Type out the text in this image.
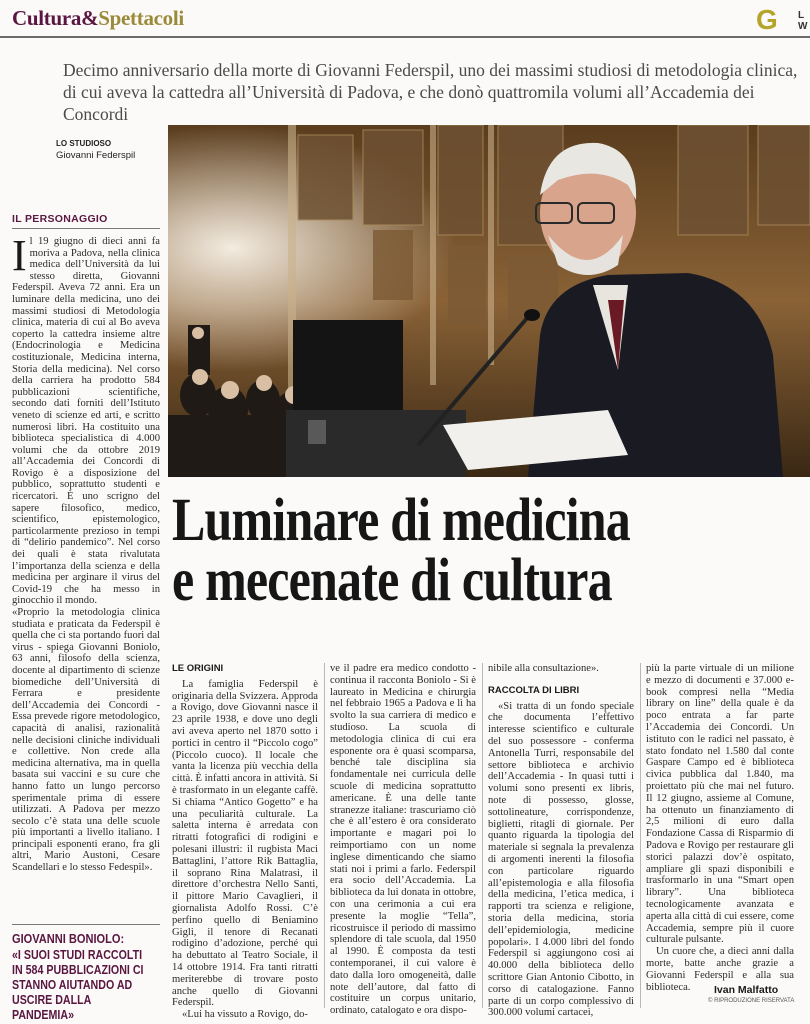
Cultura&Spettacoli	G L
W
Decimo anniversario della morte di Giovanni Federspil, uno dei massimi studiosi di metodologia clinica, di cui aveva la cattedra all’Università di Padova, e che donò quattromila volumi all’Accademia dei Concordi
LO STUDIOSO
Giovanni Federspil
IL PERSONAGGIO

Il 19 giugno di dieci anni fa moriva a Padova, nella clinica medica dell’Università da lui stesso diretta, Giovanni Federspil. Aveva 72 anni. Era un luminare della medicina, uno dei massimi studiosi di Metodologia clinica, materia di cui al Bo aveva coperto la cattedra insieme altre (Endocrinologia e Medicina costituzionale, Medicina interna, Storia della medicina). Nel corso della carriera ha prodotto 584 pubblicazioni scientifiche, secondo dati forniti dell’Istituto veneto di scienze ed arti, e scritto numerosi libri. Ha costituito una biblioteca specialistica di 4.000 volumi che da ottobre 2019 all’Accademia dei Concordi di Rovigo è a disposizione del pubblico, soprattutto studenti e ricercatori. È uno scrigno del sapere filosofico, medico, scientifico, epistemologico, particolarmente prezioso in tempi di “delirio pandemico”. Nel corso dei quali è stata rivalutata l’importanza della scienza e della medicina per arginare il virus del Covid-19 che ha messo in ginocchio il mondo.

«Proprio la metodologia clinica studiata e praticata da Federspil è quella che ci sta portando fuori dal virus - spiega Giovanni Boniolo, 63 anni, filosofo della scienza, docente al dipartimento di scienze biomediche dell’Università di Ferrara e presidente dell’Accademia dei Concordi - Essa prevede rigore metodologico, capacità di analisi, razionalità nelle decisioni cliniche individuali e collettive. Non crede alla medicina alternativa, ma in quella basata sui vaccini e su cure che hanno fatto un lungo percorso sperimentale prima di essere utilizzati. A Padova per mezzo secolo c’è stata una delle scuole più importanti a livello italiano. I principali esponenti erano, fra gli altri, Mario Austoni, Cesare Scandellari e lo stesso Fedespil».

Luminare di medicina
e mecenate di cultura
GIOVANNI BONIOLO:
«I SUOI STUDI RACCOLTI IN 584 PUBBLICAZIONI CI STANNO AIUTANDO AD USCIRE DALLA PANDEMIA»
LE ORIGINI

La famiglia Federspil è originaria della Svizzera. Approda a Rovigo, dove Giovanni nasce il 23 aprile 1938, e dove uno degli avi aveva aperto nel 1870 sotto i portici in centro il “Piccolo cogo” (Piccolo cuoco). Il locale che vanta la licenza più vecchia della città. È infatti ancora in attività. Si è trasformato in un elegante caffè. Si chiama “Antico Gogetto” e ha una peculiarità culturale. La saletta interna è arredata con ritratti fotografici di rodigini e polesani illustri: il rugbista Maci Battaglini, l’attore Rik Battaglia, il soprano Rina Malatrasi, il direttore d’orchestra Nello Santi, il pittore Mario Cavaglieri, il giornalista Adolfo Rossi. C’è perfino quello di Beniamino Gigli, il tenore di Recanati rodigino d’adozione, perché qui ha debuttato al Teatro Sociale, il 14 ottobre 1914. Fra tanti ritratti meriterebbe di trovare posto anche quello di Giovanni Federspil.

«Lui ha vissuto a Rovigo, do-

ve il padre era medico condotto - continua il racconta Boniolo - Si è laureato in Medicina e chirurgia nel febbraio 1965 a Padova e lì ha svolto la sua carriera di medico e studioso. La scuola di metodologia clinica di cui era esponente ora è quasi scomparsa, benché tale disciplina sia fondamentale nei curricula delle scuole di medicina soprattutto americane. È una delle tante stranezze italiane: trascuriamo ciò che è all’estero è ora considerato importante e magari poi lo reimportiamo con un nome inglese dimenticando che siamo stati noi i primi a farlo. Federspil era socio dell’Accademia. La biblioteca da lui donata in ottobre, con una cerimonia a cui era presente la moglie “Tella”, ricostruisce il periodo di massimo splendore di tale scuola, dal 1950 al 1990. È composta da testi contemporanei, il cui valore è dato dalla loro omogeneità, dalle note dell’autore, dal fatto di costituire un corpus unitario, ordinato, catalogato e ora dispo-

nibile alla consultazione».

RACCOLTA DI LIBRI

«Si tratta di un fondo speciale che documenta l’effettivo interesse scientifico e culturale del suo possessore - conferma Antonella Turri, responsabile del settore biblioteca e archivio dell’Accademia - In quasi tutti i volumi sono presenti ex libris, note di possesso, glosse, sottolineature, corrispondenze, biglietti, ritagli di giornale. Per quanto riguarda la tipologia del materiale si segnala la prevalenza di argomenti inerenti la filosofia con particolare riguardo all’epistemologia e alla filosofia della medicina, l’etica medica, i rapporti tra scienza e religione, storia della medicina, storia dell’epidemiologia, medicine popolari». I 4.000 libri del fondo Federspil si aggiungono così ai 40.000 della biblioteca dello scrittore Gian Antonio Cibotto, in corso di catalogazione. Fanno parte di un corpo complessivo di 300.000 volumi cartacei,

più la parte virtuale di un milione e mezzo di documenti e 37.000 e-book compresi nella “Media library on line” della quale è da poco entrata a far parte l’Accademia dei Concordi. Un istituto con le radici nel passato, è stato fondato nel 1.580 dal conte Gaspare Campo ed è biblioteca civica pubblica dal 1.840, ma proiettato più che mai nel futuro. Il 12 giugno, assieme al Comune, ha ottenuto un finanziamento di 2,5 milioni di euro dalla Fondazione Cassa di Risparmio di Padova e Rovigo per restaurare gli storici palazzi dov’è ospitato, ampliare gli spazi disponibili e trasformarlo in una “Smart open library”. Una biblioteca tecnologicamente avanzata e aperta alla città di cui essere, come Accademia, sempre più il cuore culturale pulsante.

Un cuore che, a dieci anni dalla morte, batte anche grazie a Giovanni Federspil e alla sua biblioteca.	Ivan Malfatto
© RIPRODUZIONE RISERVATA
